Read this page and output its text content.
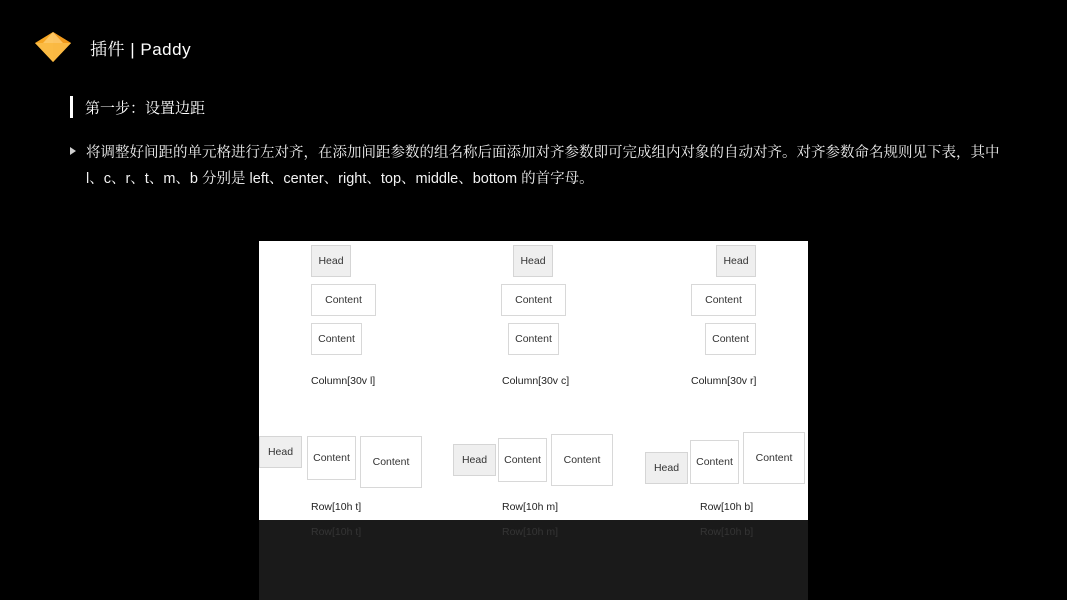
插件 | Paddy
第一步：设置边距
将调整好间距的单元格进行左对齐，在添加间距参数的组名称后面添加对齐参数即可完成组内对象的自动对齐。对齐参数命名规则见下表，其中 l、c、r、t、m、b 分别是 left、center、right、top、middle、bottom 的首字母。
Head
Content
Content
Column[30v l]
Head
Content
Content
Column[30v c]
Head
Content
Content
Column[30v r]
Head	Content	Content
Row[10h t]
Head	Content	Content
Row[10h m]
Head	Content	Content
Row[10h b]
Row[10h t]	Row[10h m]	Row[10h b]
